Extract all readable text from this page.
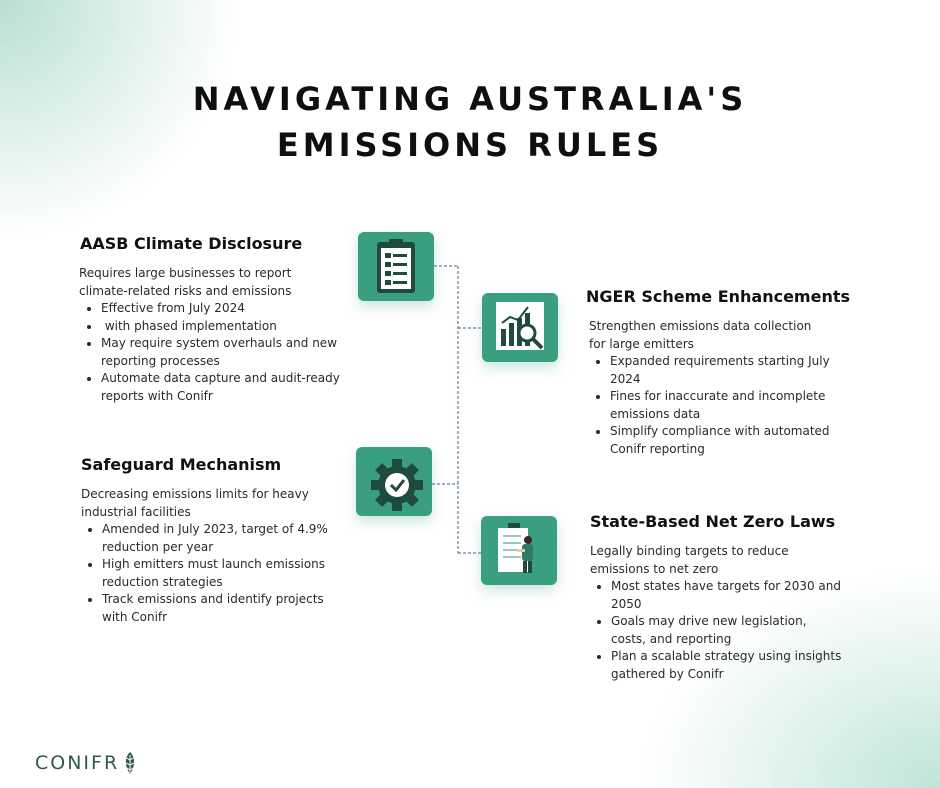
NAVIGATING AUSTRALIA'S
EMISSIONS RULES
AASB Climate Disclosure

Requires large businesses to report climate-related risks and emissions

• Effective from July 2024
•  with phased implementation
• May require system overhauls and new reporting processes
• Automate data capture and audit-ready reports with Conifr
NGER Scheme Enhancements

Strengthen emissions data collection for large emitters

• Expanded requirements starting July 2024
• Fines for inaccurate and incomplete emissions data
• Simplify compliance with automated Conifr reporting
Safeguard Mechanism

Decreasing emissions limits for heavy industrial facilities

• Amended in July 2023, target of 4.9% reduction per year
• High emitters must launch emissions reduction strategies
• Track emissions and identify projects with Conifr
State-Based Net Zero Laws

Legally binding targets to reduce emissions to net zero

• Most states have targets for 2030 and 2050
• Goals may drive new legislation, costs, and reporting
• Plan a scalable strategy using insights gathered by Conifr
CONIFR
